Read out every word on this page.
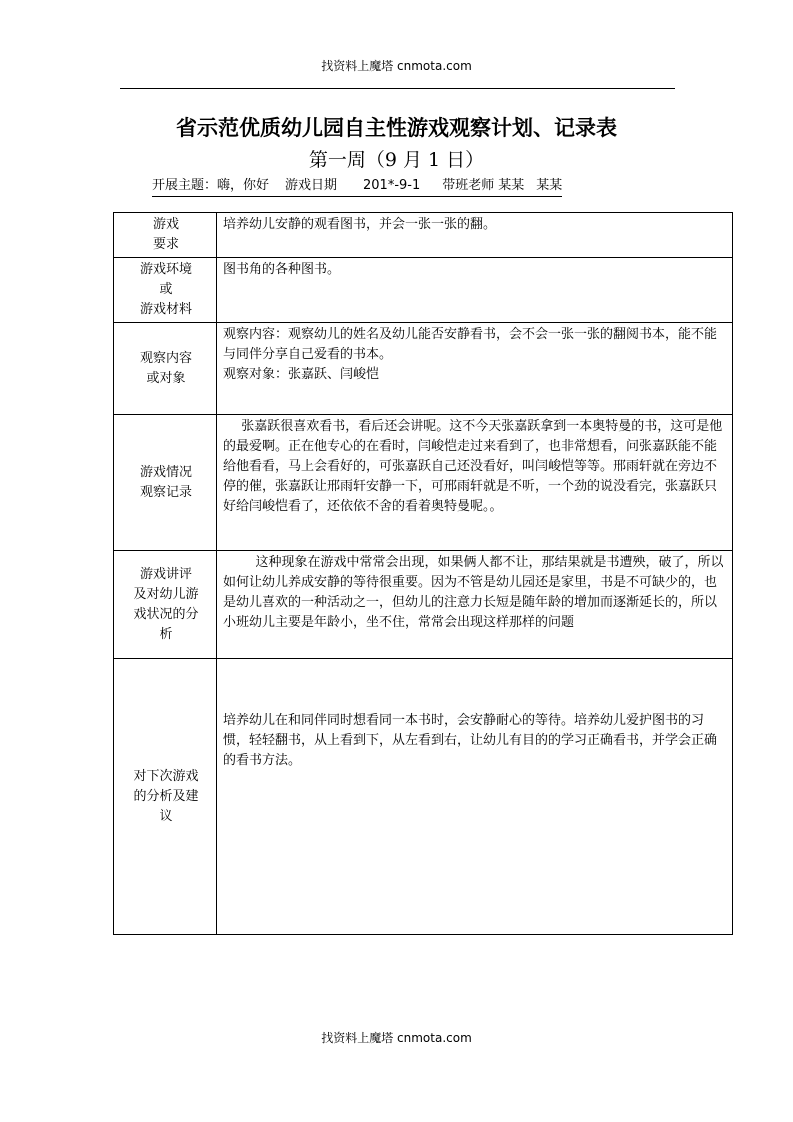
找资料上魔塔 cnmota.com
省示范优质幼儿园自主性游戏观察计划、记录表
第一周（9 月 1 日）
开展主题：嗨，你好 游戏日期　　201*-9-1 带班老师 某某 某某
游戏
要求	培养幼儿安静的观看图书，并会一张一张的翻。

游戏环境
或
游戏材料	图书角的各种图书。

观察内容
或对象	观察内容：观察幼儿的姓名及幼儿能否安静看书，会不会一张一张的翻阅书本，能不能与同伴分享自己爱看的书本。
观察对象：张嘉跃、闫峻恺

游戏情况
观察记录	张嘉跃很喜欢看书，看后还会讲呢。这不今天张嘉跃拿到一本奥特曼的书，这可是他的最爱啊。正在他专心的在看时，闫峻恺走过来看到了，也非常想看，问张嘉跃能不能给他看看，马上会看好的，可张嘉跃自己还没看好，叫闫峻恺等等。邢雨轩就在旁边不停的催，张嘉跃让邢雨轩安静一下，可邢雨轩就是不听，一个劲的说没看完，张嘉跃只好给闫峻恺看了，还依依不舍的看着奥特曼呢。。

游戏讲评
及对幼儿游
戏状况的分
析	这种现象在游戏中常常会出现，如果俩人都不让，那结果就是书遭殃，破了，所以如何让幼儿养成安静的等待很重要。因为不管是幼儿园还是家里，书是不可缺少的，也是幼儿喜欢的一种活动之一，但幼儿的注意力长短是随年龄的增加而逐渐延长的，所以小班幼儿主要是年龄小，坐不住，常常会出现这样那样的问题

对下次游戏
的分析及建
议	培养幼儿在和同伴同时想看同一本书时，会安静耐心的等待。培养幼儿爱护图书的习惯，轻轻翻书，从上看到下，从左看到右，让幼儿有目的的学习正确看书，并学会正确的看书方法。
找资料上魔塔 cnmota.com
